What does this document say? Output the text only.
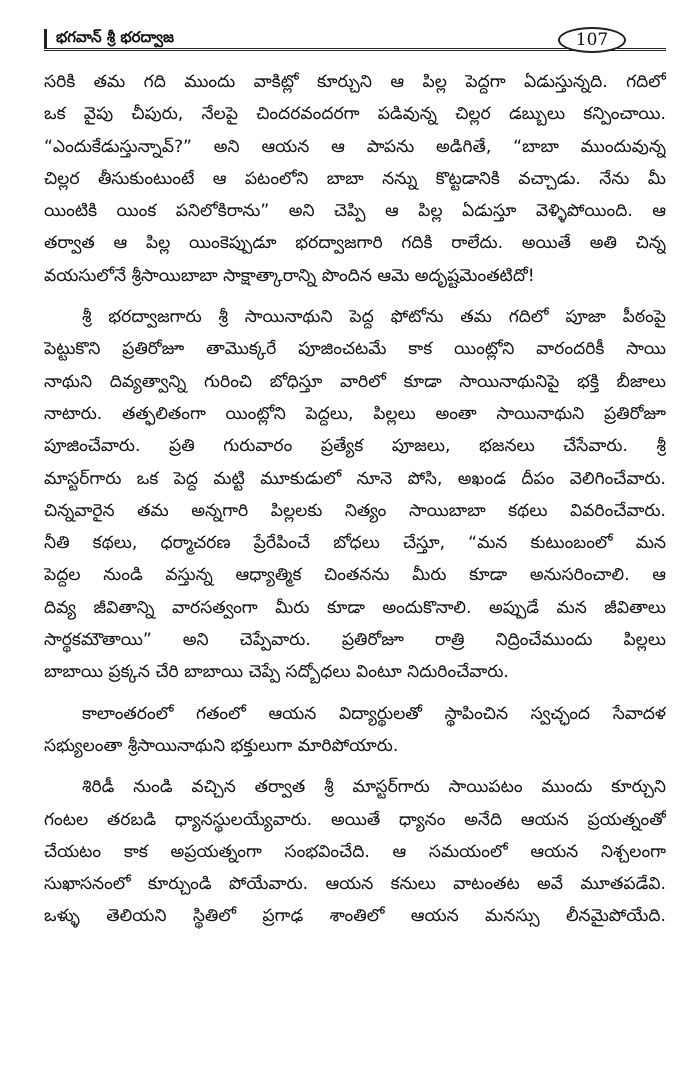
భగవాన్ శ్రీ భరద్వాజ	107
సరికి తమ గది ముందు వాకిట్లో కూర్చుని ఆ పిల్ల పెద్దగా ఏడుస్తున్నది. గదిలో
ఒక వైపు చీపురు, నేలపై చిందరవందరగా పడివున్న చిల్లర డబ్బులు కన్పించాయి.
“ఎందుకేడుస్తున్నావ్?” అని ఆయన ఆ పాపను అడిగితే, “బాబా ముందువున్న
చిల్లర తీసుకుంటుంటే ఆ పటంలోని బాబా నన్ను కొట్టడానికి వచ్చాడు. నేను మీ
యింటికి యింక పనిలోకిరాను” అని చెప్పి ఆ పిల్ల ఏడుస్తూ వెళ్ళిపోయింది. ఆ
తర్వాత ఆ పిల్ల యింకెప్పుడూ భరద్వాజగారి గదికి రాలేదు. అయితే అతి చిన్న
వయసులోనే శ్రీసాయిబాబా సాక్షాత్కారాన్ని పొందిన ఆమె అదృష్టమెంతటిదో!
శ్రీ భరద్వాజగారు శ్రీ సాయినాథుని పెద్ద ఫోటోను తమ గదిలో పూజా పీఠంపై
పెట్టుకొని ప్రతిరోజూ తామొక్కరే పూజించటమే కాక యింట్లోని వారందరికీ సాయి
నాథుని దివ్యత్వాన్ని గురించి బోధిస్తూ వారిలో కూడా సాయినాథునిపై భక్తి బీజాలు
నాటారు. తత్ఫలితంగా యింట్లోని పెద్దలు, పిల్లలు అంతా సాయినాథుని ప్రతిరోజూ
పూజించేవారు. ప్రతి గురువారం ప్రత్యేక పూజలు, భజనలు చేసేవారు. శ్రీ
మాస్టర్‌గారు ఒక పెద్ద మట్టి మూకుడులో నూనె పోసి, అఖండ దీపం వెలిగించేవారు.
చిన్నవారైన తమ అన్నగారి పిల్లలకు నిత్యం సాయిబాబా కథలు వివరించేవారు.
నీతి కథలు, ధర్మాచరణ ప్రేరేపించే బోధలు చేస్తూ, “మన కుటుంబంలో మన
పెద్దల నుండి వస్తున్న ఆధ్యాత్మిక చింతనను మీరు కూడా అనుసరించాలి. ఆ
దివ్య జీవితాన్ని వారసత్వంగా మీరు కూడా అందుకొనాలి. అప్పుడే మన జీవితాలు
సార్థకమౌతాయి” అని చెప్పేవారు. ప్రతిరోజూ రాత్రి నిద్రించేముందు పిల్లలు
బాబాయి ప్రక్కన చేరి బాబాయి చెప్పే సద్బోధలు వింటూ నిదురించేవారు.
కాలాంతరంలో గతంలో ఆయన విద్యార్థులతో స్థాపించిన స్వచ్ఛంద సేవాదళ
సభ్యులంతా శ్రీసాయినాథుని భక్తులుగా మారిపోయారు.
శిరిడీ నుండి వచ్చిన తర్వాత శ్రీ మాస్టర్‌గారు సాయిపటం ముందు కూర్చుని
గంటల తరబడి ధ్యానస్థులయ్యేవారు. అయితే ధ్యానం అనేది ఆయన ప్రయత్నంతో
చేయటం కాక అప్రయత్నంగా సంభవించేది. ఆ సమయంలో ఆయన నిశ్చలంగా
సుఖాసనంలో కూర్చుండి పోయేవారు. ఆయన కనులు వాటంతట అవే మూతపడేవి.
ఒళ్ళు తెలియని స్థితిలో ప్రగాఢ శాంతిలో ఆయన మనస్సు లీనమైపోయేది.
